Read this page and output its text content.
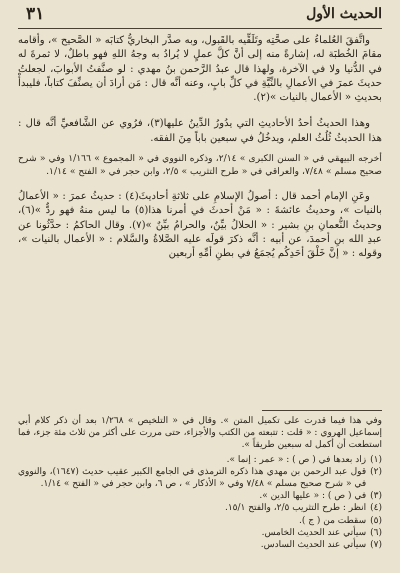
الحديث الأول
٣١

واتَّفقَ العُلماءُ على صحَّتِه وتَلَقِّيه بالقَبول، وبه صدَّر البخاريُّ كتابَه « الصَّحيح »، وأقامه مقامَ الخُطبَة له، إشارةً منه إلى أنَّ كلَّ عملٍ لا يُرادُ به وجهُ اللهِ فهو باطلٌ، لا ثمرةَ له في الدُّنيا ولا في الآخرة، ولهذا قال عبدُ الرَّحمن بنُ مهدي : لو صنَّفتُ الأبوابَ، لجعلتُ حديثَ عمرَ في الأعمالِ بالنِّيَّةِ في كلِّ بابٍ، وعنه أنَّه قال : مَن أرادَ أن يصنِّفَ كتاباً، فليبدأْ بحديثِ « الأعمال بالنيات »(٢).

وهذا الحديثُ أحدُ الأحاديثِ التي يدُورُ الدِّينُ عليها(٣)، فرُوي عن الشَّافعيِّ أنَّه قال : هذا الحديثُ ثُلُثُ العلم، ويدخُلُ في سبعين باباً مِنَ الفقه.

أخرجه البيهقي في « السنن الكبرى » ٢/١٤، وذكره النووي في « المجموع » ١/١٦٦ وفي « شرح صحيح مسلم » ٧/٤٨، والعراقي في « طرح التثريب » ٢/٥، وابن حجر في « الفتح » ١/١٤.

وعَنِ الإمام أحمد قال : أصولُ الإسلامِ على ثلاثةِ أحاديثَ(٤) : حديثُ عمرَ : « الأعمالُ بالنيات »، وحديثُ عائشةَ : « مَنْ أحدثَ في أمرنا هذا(٥) ما ليس منهُ فهو ردٌّ »(٦)، وحديثُ النُّعمانِ بنِ بشير : « الحلالُ بيِّنٌ، والحرامُ بيِّنٌ »(٧). وقال الحاكمُ : حدَّثُونا عن عبدِ الله بنِ أحمدَ، عن أبيه : أنَّه ذكرَ قولَه عليه الصَّلاةُ والسَّلام : « الأعمال بالنيات »، وقوله : « إنَّ خَلْقَ أحَدِكُم يُجمَعُ في بطنِ أمِّهِ أربعين

وفي هذا فيما قدرت على تكميل المتن ». وقال في « التلخيص » ١/٢٦٨ بعد أن ذكر كلام أبي إسماعيل الهروي : « قلت : تتبعته من الكتب والأجزاء، حتى مررت على أكثر من ثلاث مئة جزء، فما استطعت أن أكمل له سبعين طريقاً ».

(١)
زاد بعدها في ( ص ) : « عمر : إنما ».
(٢)
قول عبد الرحمن بن مهدي هذا ذكره الترمذي في الجامع الكبير عقيب حديث (١٦٤٧)، والنووي في « شرح صحيح مسلم » ٧/٤٨ وفي « الأذكار » ، ص ٦، وابن حجر في « الفتح » ١/١٤.
(٣)
في ( ص ) : « عليها الدين ».
(٤)
انظر : طرح التثريب ٢/٥، والفتح ١٥/١.
(٥)
سقطت من ( ج ).
(٦)
سيأتي عند الحديث الخامس.
(٧)
سيأتي عند الحديث السادس.
